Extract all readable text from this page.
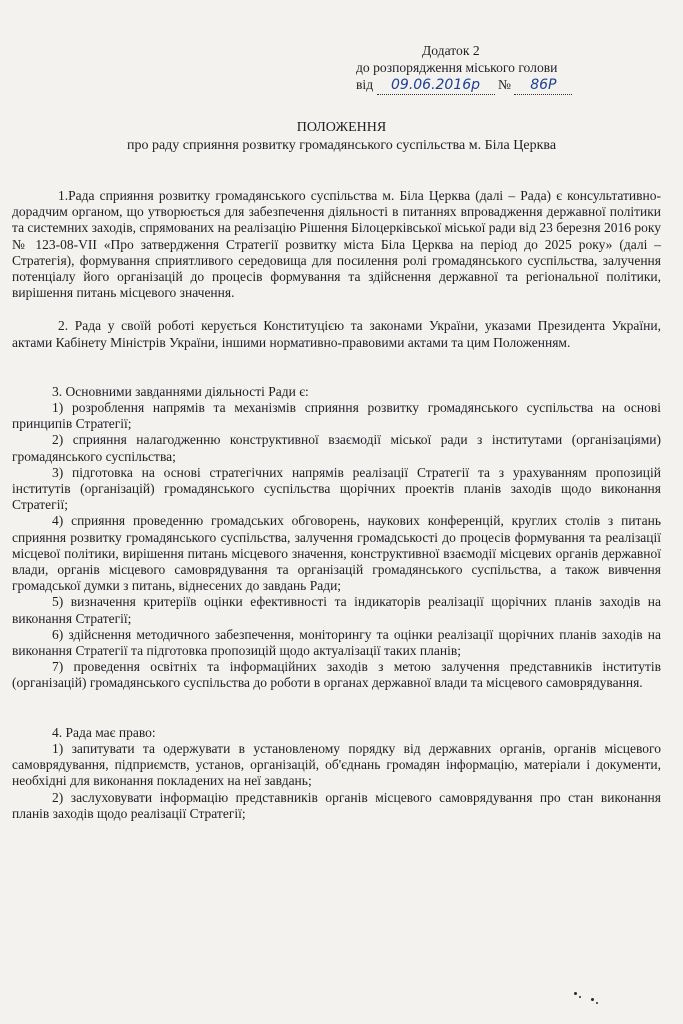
Додаток 2
до розпорядження міського голови
від 09.06.2016р № 86Р
ПОЛОЖЕННЯ
про раду сприяння розвитку громадянського суспільства м. Біла Церква

1.Рада сприяння розвитку громадянського суспільства м. Біла Церква (далі – Рада) є консультативно-дорадчим органом, що утворюється для забезпечення діяльності в питаннях впровадження державної політики та системних заходів, спрямованих на реалізацію Рішення Білоцерківської міської ради від 23 березня 2016 року № 123-08-VII «Про затвердження Стратегії розвитку міста Біла Церква на період до 2025 року» (далі – Стратегія), формування сприятливого середовища для посилення ролі громадянського суспільства, залучення потенціалу його організацій до процесів формування та здійснення державної та регіональної політики, вирішення питань місцевого значення.

2. Рада у своїй роботі керується Конституцією та законами України, указами Президента України, актами Кабінету Міністрів України, іншими нормативно-правовими актами та цим Положенням.

3. Основними завданнями діяльності Ради є:

1) розроблення напрямів та механізмів сприяння розвитку громадянського суспільства на основі принципів Стратегії;

2) сприяння налагодженню конструктивної взаємодії міської ради з інститутами (організаціями) громадянського суспільства;

3) підготовка на основі стратегічних напрямів реалізації Стратегії та з урахуванням пропозицій інститутів (організацій) громадянського суспільства щорічних проектів планів заходів щодо виконання Стратегії;

4) сприяння проведенню громадських обговорень, наукових конференцій, круглих столів з питань сприяння розвитку громадянського суспільства, залучення громадськості до процесів формування та реалізації місцевої політики, вирішення питань місцевого значення, конструктивної взаємодії місцевих органів державної влади, органів місцевого самоврядування та організацій громадянського суспільства, а також вивчення громадської думки з питань, віднесених до завдань Ради;

5) визначення критеріїв оцінки ефективності та індикаторів реалізації щорічних планів заходів на виконання Стратегії;

6) здійснення методичного забезпечення, моніторингу та оцінки реалізації щорічних планів заходів на виконання Стратегії та підготовка пропозицій щодо актуалізації таких планів;

7) проведення освітніх та інформаційних заходів з метою залучення представників інститутів (організацій) громадянського суспільства до роботи в органах державної влади та місцевого самоврядування.

4. Рада має право:

1) запитувати та одержувати в установленому порядку від державних органів, органів місцевого самоврядування, підприємств, установ, організацій, об'єднань громадян інформацію, матеріали і документи, необхідні для виконання покладених на неї завдань;

2) заслуховувати інформацію представників органів місцевого самоврядування про стан виконання планів заходів щодо реалізації Стратегії;
